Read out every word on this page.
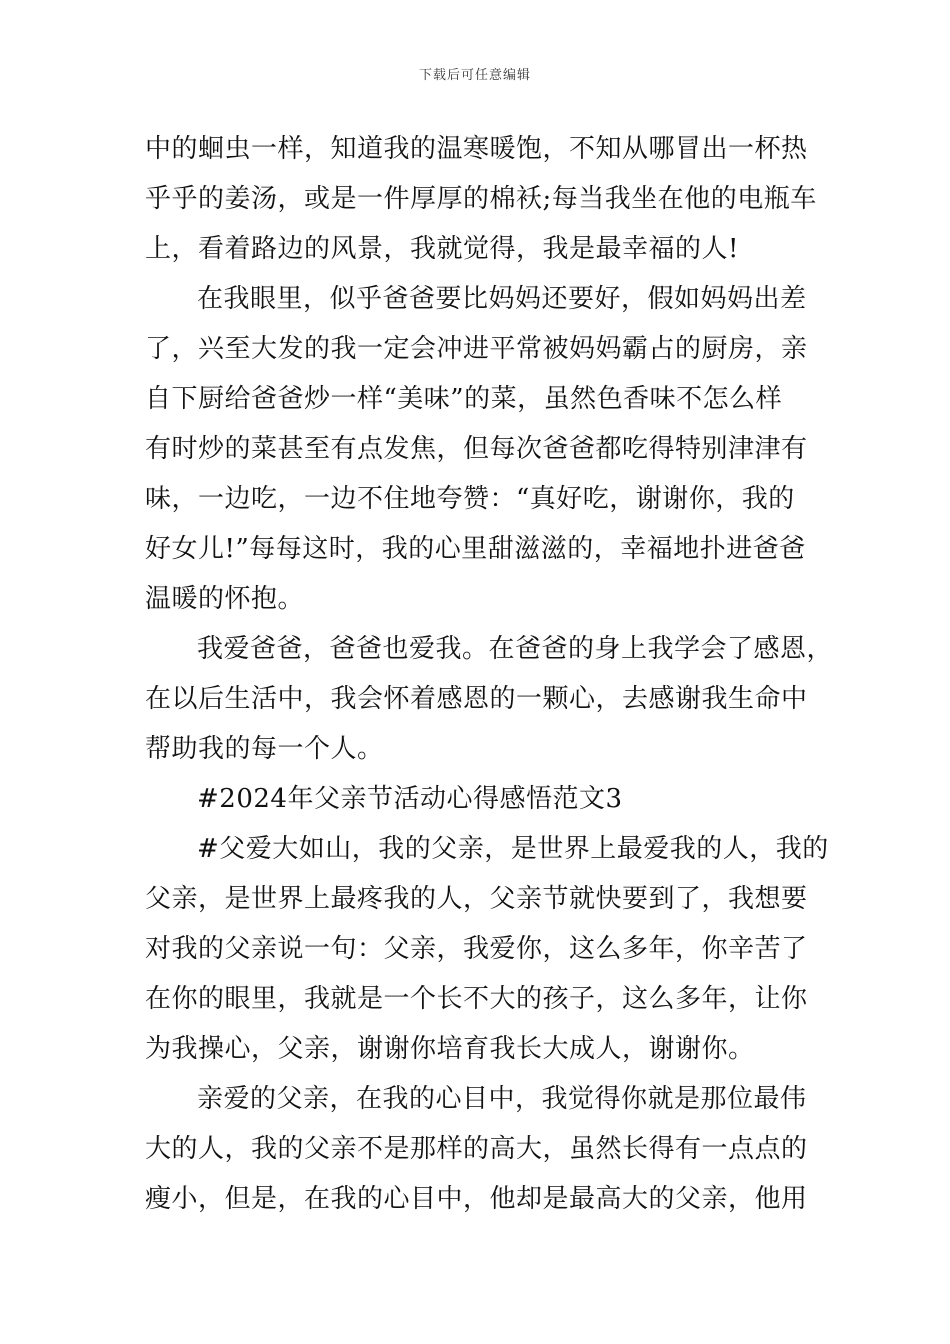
下载后可任意编辑
中的蛔虫一样，知道我的温寒暖饱，不知从哪冒出一杯热
乎乎的姜汤，或是一件厚厚的棉袄;每当我坐在他的电瓶车
上，看着路边的风景，我就觉得，我是最幸福的人!
在我眼里，似乎爸爸要比妈妈还要好，假如妈妈出差
了，兴至大发的我一定会冲进平常被妈妈霸占的厨房，亲
自下厨给爸爸炒一样“美味”的菜，虽然色香味不怎么样
有时炒的菜甚至有点发焦，但每次爸爸都吃得特别津津有
味，一边吃，一边不住地夸赞：“真好吃，谢谢你，我的
好女儿!”每每这时，我的心里甜滋滋的，幸福地扑进爸爸
温暖的怀抱。
我爱爸爸，爸爸也爱我。在爸爸的身上我学会了感恩，
在以后生活中，我会怀着感恩的一颗心，去感谢我生命中
帮助我的每一个人。
#2024年父亲节活动心得感悟范文3
#父爱大如山，我的父亲，是世界上最爱我的人，我的
父亲，是世界上最疼我的人，父亲节就快要到了，我想要
对我的父亲说一句：父亲，我爱你，这么多年，你辛苦了
在你的眼里，我就是一个长不大的孩子，这么多年，让你
为我操心，父亲，谢谢你培育我长大成人，谢谢你。
亲爱的父亲，在我的心目中，我觉得你就是那位最伟
大的人，我的父亲不是那样的高大，虽然长得有一点点的
瘦小，但是，在我的心目中，他却是最高大的父亲，他用
